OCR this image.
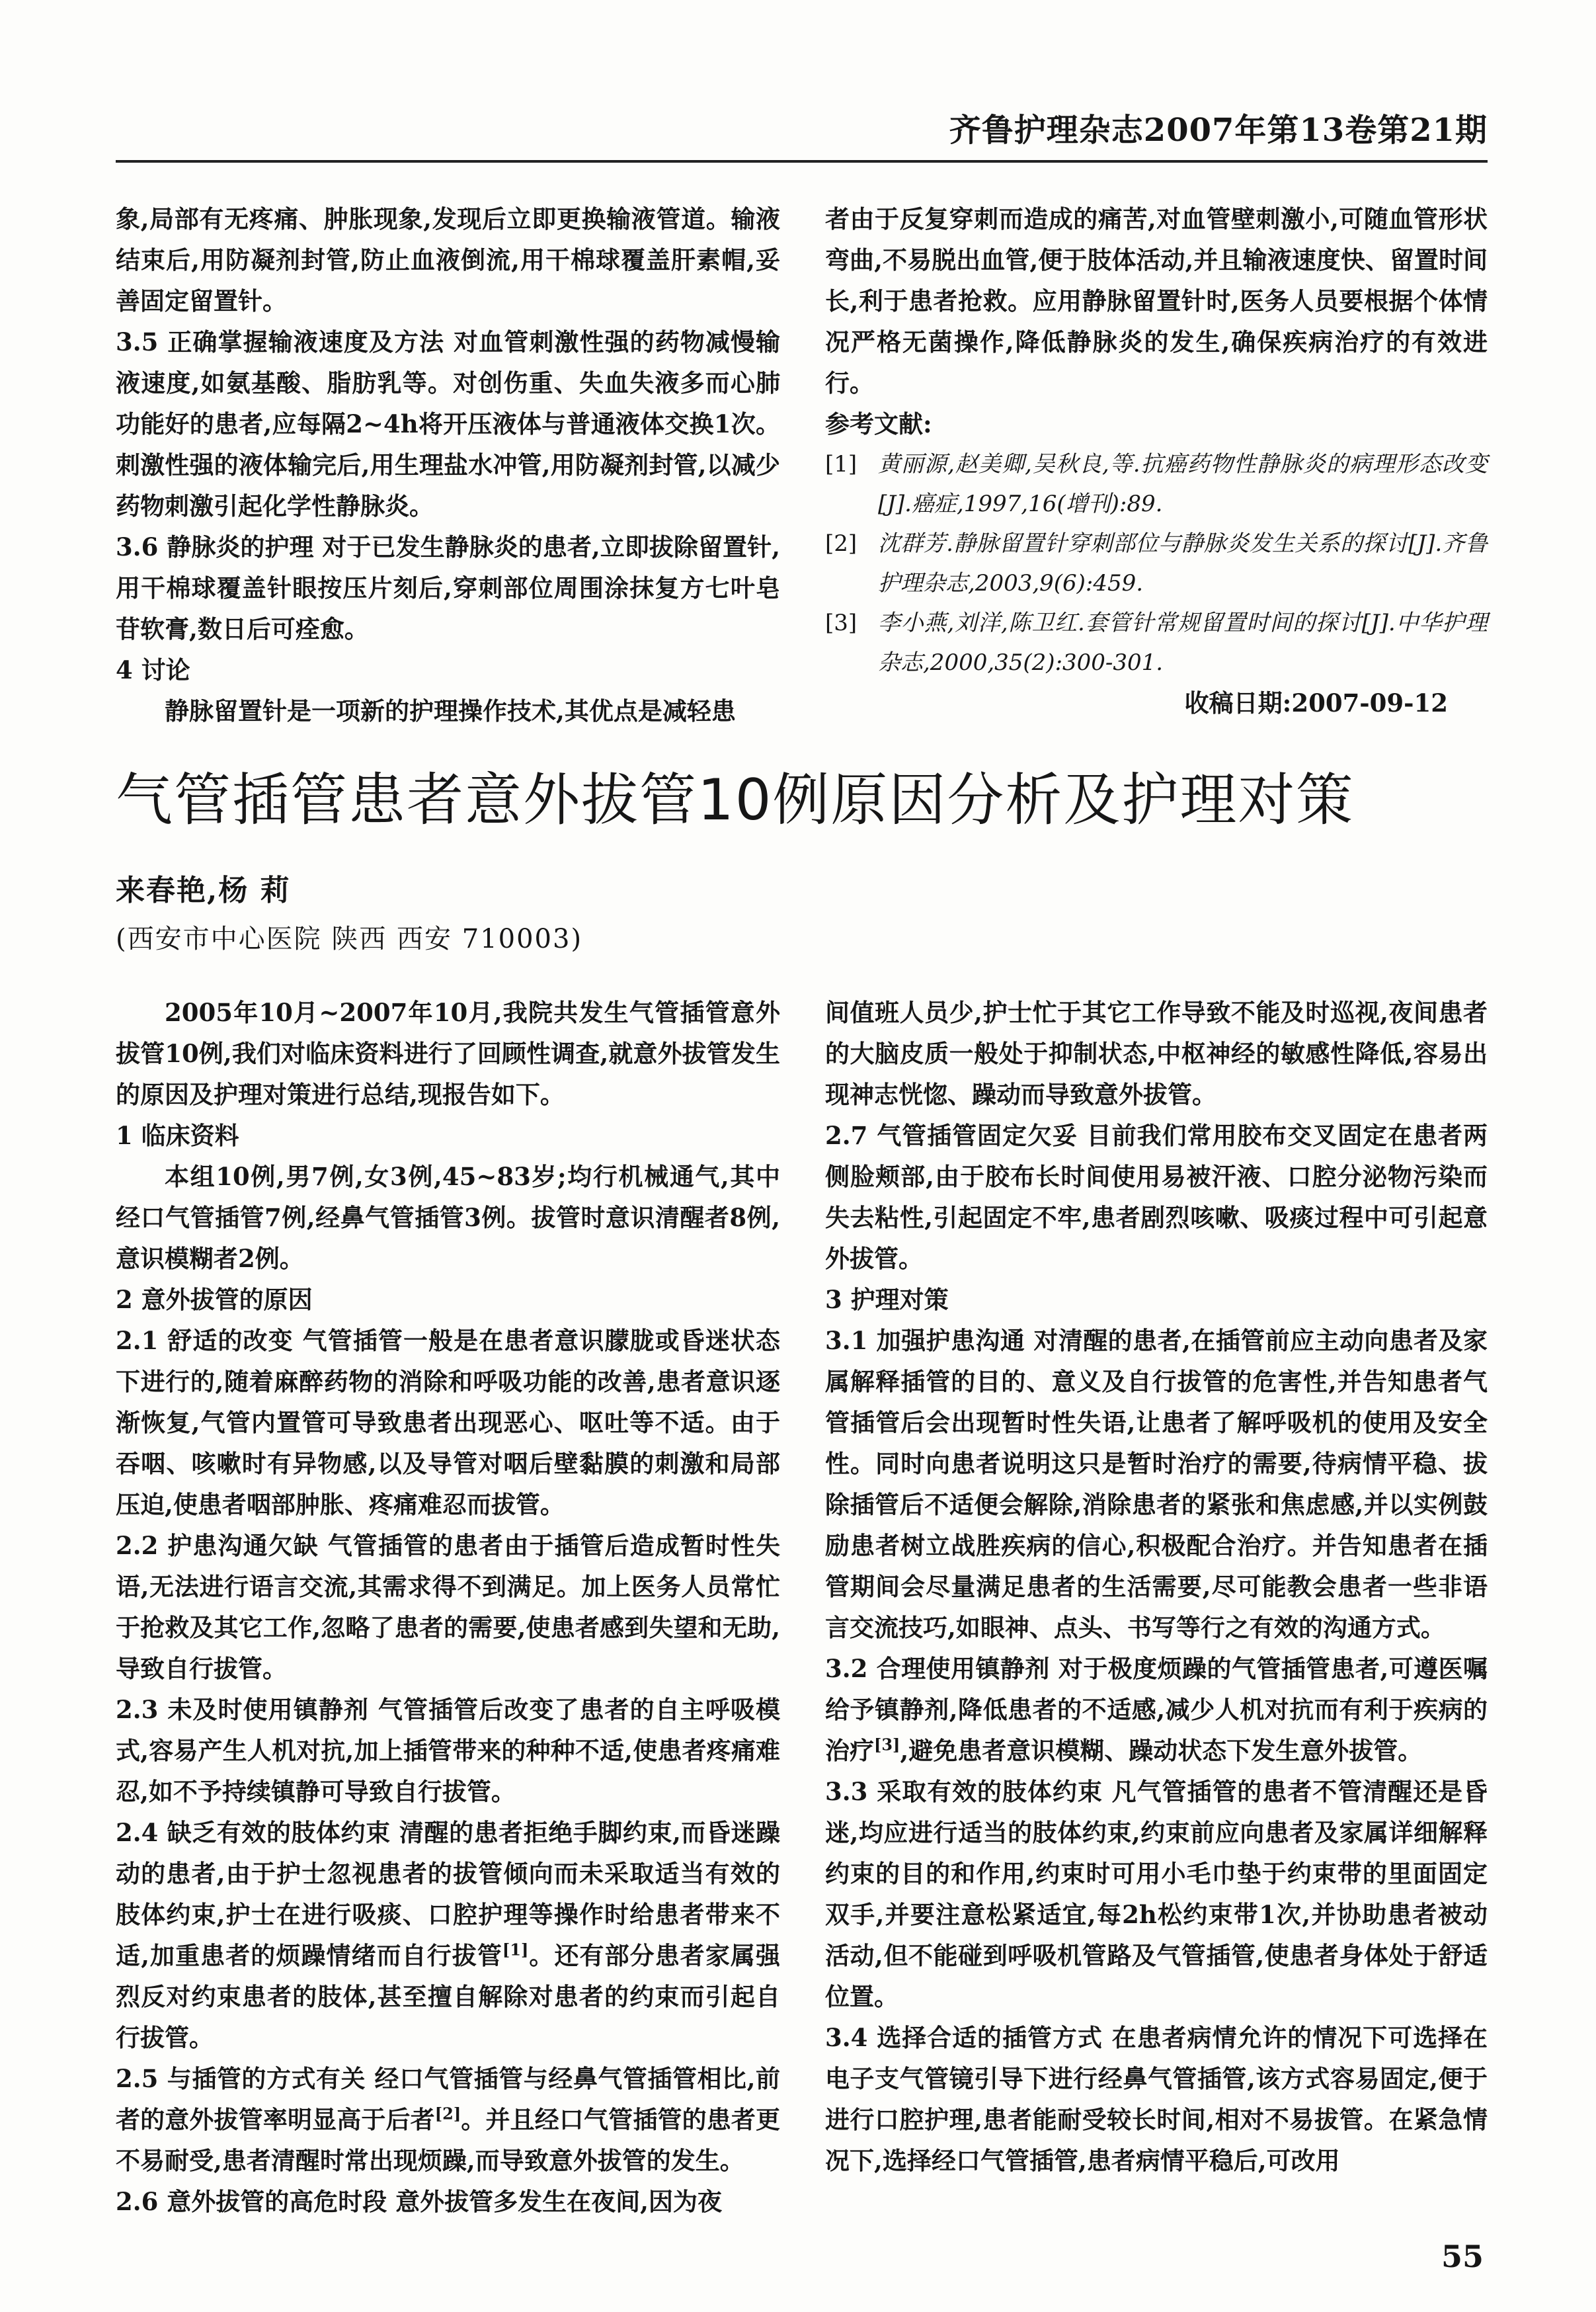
齐鲁护理杂志2007年第13卷第21期

象,局部有无疼痛、肿胀现象,发现后立即更换输液管道。输液结束后,用防凝剂封管,防止血液倒流,用干棉球覆盖肝素帽,妥善固定留置针。

3.5 正确掌握输液速度及方法 对血管刺激性强的药物减慢输液速度,如氨基酸、脂肪乳等。对创伤重、失血失液多而心肺功能好的患者,应每隔2~4h将开压液体与普通液体交换1次。刺激性强的液体输完后,用生理盐水冲管,用防凝剂封管,以减少药物刺激引起化学性静脉炎。

3.6 静脉炎的护理 对于已发生静脉炎的患者,立即拔除留置针,用干棉球覆盖针眼按压片刻后,穿刺部位周围涂抹复方七叶皂苷软膏,数日后可痊愈。

4 讨论

静脉留置针是一项新的护理操作技术,其优点是减轻患

者由于反复穿刺而造成的痛苦,对血管壁刺激小,可随血管形状弯曲,不易脱出血管,便于肢体活动,并且输液速度快、留置时间长,利于患者抢救。应用静脉留置针时,医务人员要根据个体情况严格无菌操作,降低静脉炎的发生,确保疾病治疗的有效进行。

参考文献:

[1] 黄丽源,赵美卿,吴秋良,等.抗癌药物性静脉炎的病理形态改变[J].癌症,1997,16(增刊):89.
[2] 沈群芳.静脉留置针穿刺部位与静脉炎发生关系的探讨[J].齐鲁护理杂志,2003,9(6):459.
[3] 李小燕,刘洋,陈卫红.套管针常规留置时间的探讨[J].中华护理杂志,2000,35(2):300-301.

收稿日期:2007-09-12

气管插管患者意外拔管10例原因分析及护理对策
来春艳,杨 莉
(西安市中心医院 陕西 西安 710003)

2005年10月~2007年10月,我院共发生气管插管意外拔管10例,我们对临床资料进行了回顾性调查,就意外拔管发生的原因及护理对策进行总结,现报告如下。

1 临床资料

本组10例,男7例,女3例,45~83岁;均行机械通气,其中经口气管插管7例,经鼻气管插管3例。拔管时意识清醒者8例,意识模糊者2例。

2 意外拔管的原因

2.1 舒适的改变 气管插管一般是在患者意识朦胧或昏迷状态下进行的,随着麻醉药物的消除和呼吸功能的改善,患者意识逐渐恢复,气管内置管可导致患者出现恶心、呕吐等不适。由于吞咽、咳嗽时有异物感,以及导管对咽后壁黏膜的刺激和局部压迫,使患者咽部肿胀、疼痛难忍而拔管。

2.2 护患沟通欠缺 气管插管的患者由于插管后造成暂时性失语,无法进行语言交流,其需求得不到满足。加上医务人员常忙于抢救及其它工作,忽略了患者的需要,使患者感到失望和无助,导致自行拔管。

2.3 未及时使用镇静剂 气管插管后改变了患者的自主呼吸模式,容易产生人机对抗,加上插管带来的种种不适,使患者疼痛难忍,如不予持续镇静可导致自行拔管。

2.4 缺乏有效的肢体约束 清醒的患者拒绝手脚约束,而昏迷躁动的患者,由于护士忽视患者的拔管倾向而未采取适当有效的肢体约束,护士在进行吸痰、口腔护理等操作时给患者带来不适,加重患者的烦躁情绪而自行拔管[1]。还有部分患者家属强烈反对约束患者的肢体,甚至擅自解除对患者的约束而引起自行拔管。

2.5 与插管的方式有关 经口气管插管与经鼻气管插管相比,前者的意外拔管率明显高于后者[2]。并且经口气管插管的患者更不易耐受,患者清醒时常出现烦躁,而导致意外拔管的发生。

2.6 意外拔管的高危时段 意外拔管多发生在夜间,因为夜

间值班人员少,护士忙于其它工作导致不能及时巡视,夜间患者的大脑皮质一般处于抑制状态,中枢神经的敏感性降低,容易出现神志恍惚、躁动而导致意外拔管。

2.7 气管插管固定欠妥 目前我们常用胶布交叉固定在患者两侧脸颊部,由于胶布长时间使用易被汗液、口腔分泌物污染而失去粘性,引起固定不牢,患者剧烈咳嗽、吸痰过程中可引起意外拔管。

3 护理对策

3.1 加强护患沟通 对清醒的患者,在插管前应主动向患者及家属解释插管的目的、意义及自行拔管的危害性,并告知患者气管插管后会出现暂时性失语,让患者了解呼吸机的使用及安全性。同时向患者说明这只是暂时治疗的需要,待病情平稳、拔除插管后不适便会解除,消除患者的紧张和焦虑感,并以实例鼓励患者树立战胜疾病的信心,积极配合治疗。并告知患者在插管期间会尽量满足患者的生活需要,尽可能教会患者一些非语言交流技巧,如眼神、点头、书写等行之有效的沟通方式。

3.2 合理使用镇静剂 对于极度烦躁的气管插管患者,可遵医嘱给予镇静剂,降低患者的不适感,减少人机对抗而有利于疾病的治疗[3],避免患者意识模糊、躁动状态下发生意外拔管。

3.3 采取有效的肢体约束 凡气管插管的患者不管清醒还是昏迷,均应进行适当的肢体约束,约束前应向患者及家属详细解释约束的目的和作用,约束时可用小毛巾垫于约束带的里面固定双手,并要注意松紧适宜,每2h松约束带1次,并协助患者被动活动,但不能碰到呼吸机管路及气管插管,使患者身体处于舒适位置。

3.4 选择合适的插管方式 在患者病情允许的情况下可选择在电子支气管镜引导下进行经鼻气管插管,该方式容易固定,便于进行口腔护理,患者能耐受较长时间,相对不易拔管。在紧急情况下,选择经口气管插管,患者病情平稳后,可改用

55
